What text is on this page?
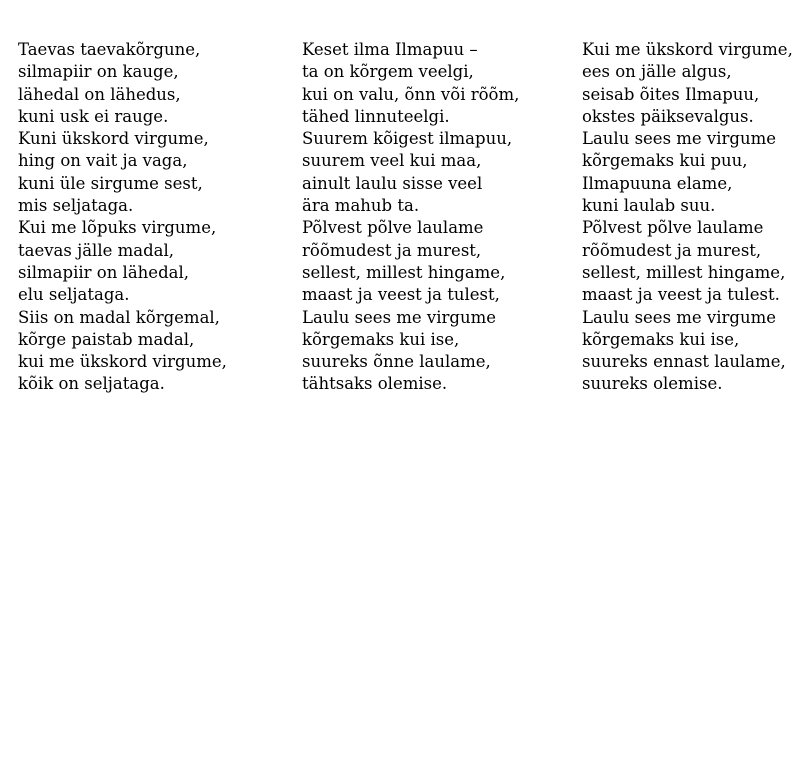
Taevas taevakõrgune,
silmapiir on kauge,
lähedal on lähedus,
kuni usk ei rauge.
Kuni ükskord virgume,
hing on vait ja vaga,
kuni üle sirgume sest,
mis seljataga.
Kui me lõpuks virgume,
taevas jälle madal,
silmapiir on lähedal,
elu seljataga.
Siis on madal kõrgemal,
kõrge paistab madal,
kui me ükskord virgume,
kõik on seljataga.
Keset ilma Ilmapuu –
ta on kõrgem veelgi,
kui on valu, õnn või rõõm,
tähed linnuteelgi.
Suurem kõigest ilmapuu,
suurem veel kui maa,
ainult laulu sisse veel
ära mahub ta.
Põlvest põlve laulame
rõõmudest ja murest,
sellest, millest hingame,
maast ja veest ja tulest,
Laulu sees me virgume
kõrgemaks kui ise,
suureks õnne laulame,
tähtsaks olemise.
Kui me ükskord virgume,
ees on jälle algus,
seisab õites Ilmapuu,
okstes päiksevalgus.
Laulu sees me virgume
kõrgemaks kui puu,
Ilmapuuna elame,
kuni laulab suu.
Põlvest põlve laulame
rõõmudest ja murest,
sellest, millest hingame,
maast ja veest ja tulest.
Laulu sees me virgume
kõrgemaks kui ise,
suureks ennast laulame,
suureks olemise.
